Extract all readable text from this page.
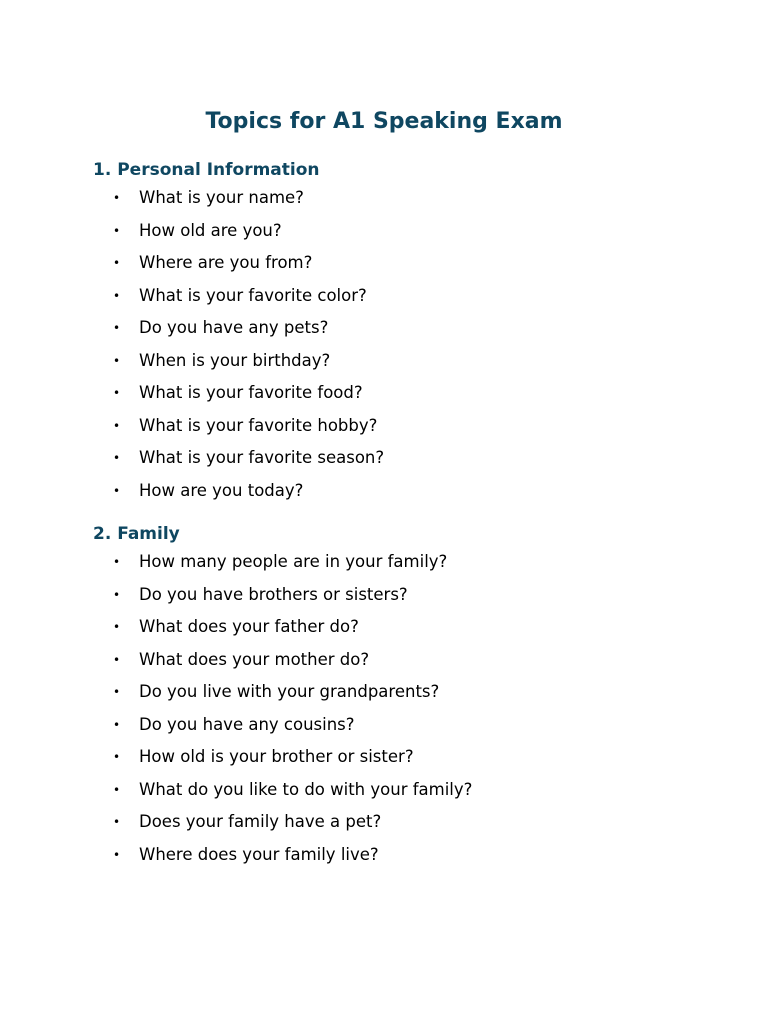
Topics for A1 Speaking Exam
1. Personal Information
• What is your name?
• How old are you?
• Where are you from?
• What is your favorite color?
• Do you have any pets?
• When is your birthday?
• What is your favorite food?
• What is your favorite hobby?
• What is your favorite season?
• How are you today?
2. Family
• How many people are in your family?
• Do you have brothers or sisters?
• What does your father do?
• What does your mother do?
• Do you live with your grandparents?
• Do you have any cousins?
• How old is your brother or sister?
• What do you like to do with your family?
• Does your family have a pet?
• Where does your family live?
